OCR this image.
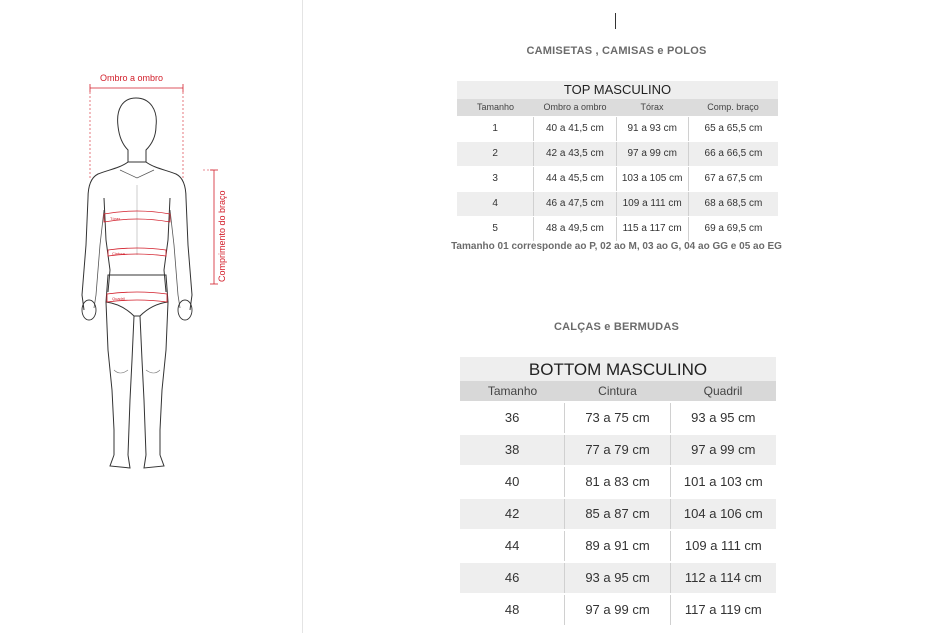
Ombro a ombro
Comprimento do braço
Tórax
Cintura
Quadril
CAMISETAS , CAMISAS e POLOS
TOP MASCULINO
Tamanho	Ombro a ombro	Tórax	Comp. braço
1	40 a 41,5 cm	91 a 93 cm	65 a 65,5 cm
2	42 a 43,5 cm	97 a 99 cm	66 a 66,5 cm
3	44 a 45,5 cm	103 a 105 cm	67 a 67,5 cm
4	46 a 47,5 cm	109 a 111 cm	68 a 68,5 cm
5	48 a 49,5 cm	115 a 117 cm	69 a 69,5 cm
Tamanho 01 corresponde ao P, 02 ao M, 03 ao G, 04 ao GG e 05 ao EG
CALÇAS e BERMUDAS
BOTTOM MASCULINO
Tamanho	Cintura	Quadril
36	73 a 75 cm	93 a 95 cm
38	77 a 79 cm	97 a 99 cm
40	81 a 83 cm	101 a 103 cm
42	85 a 87 cm	104 a 106 cm
44	89 a 91 cm	109 a 111 cm
46	93 a 95 cm	112 a 114 cm
48	97 a 99 cm	117 a 119 cm
